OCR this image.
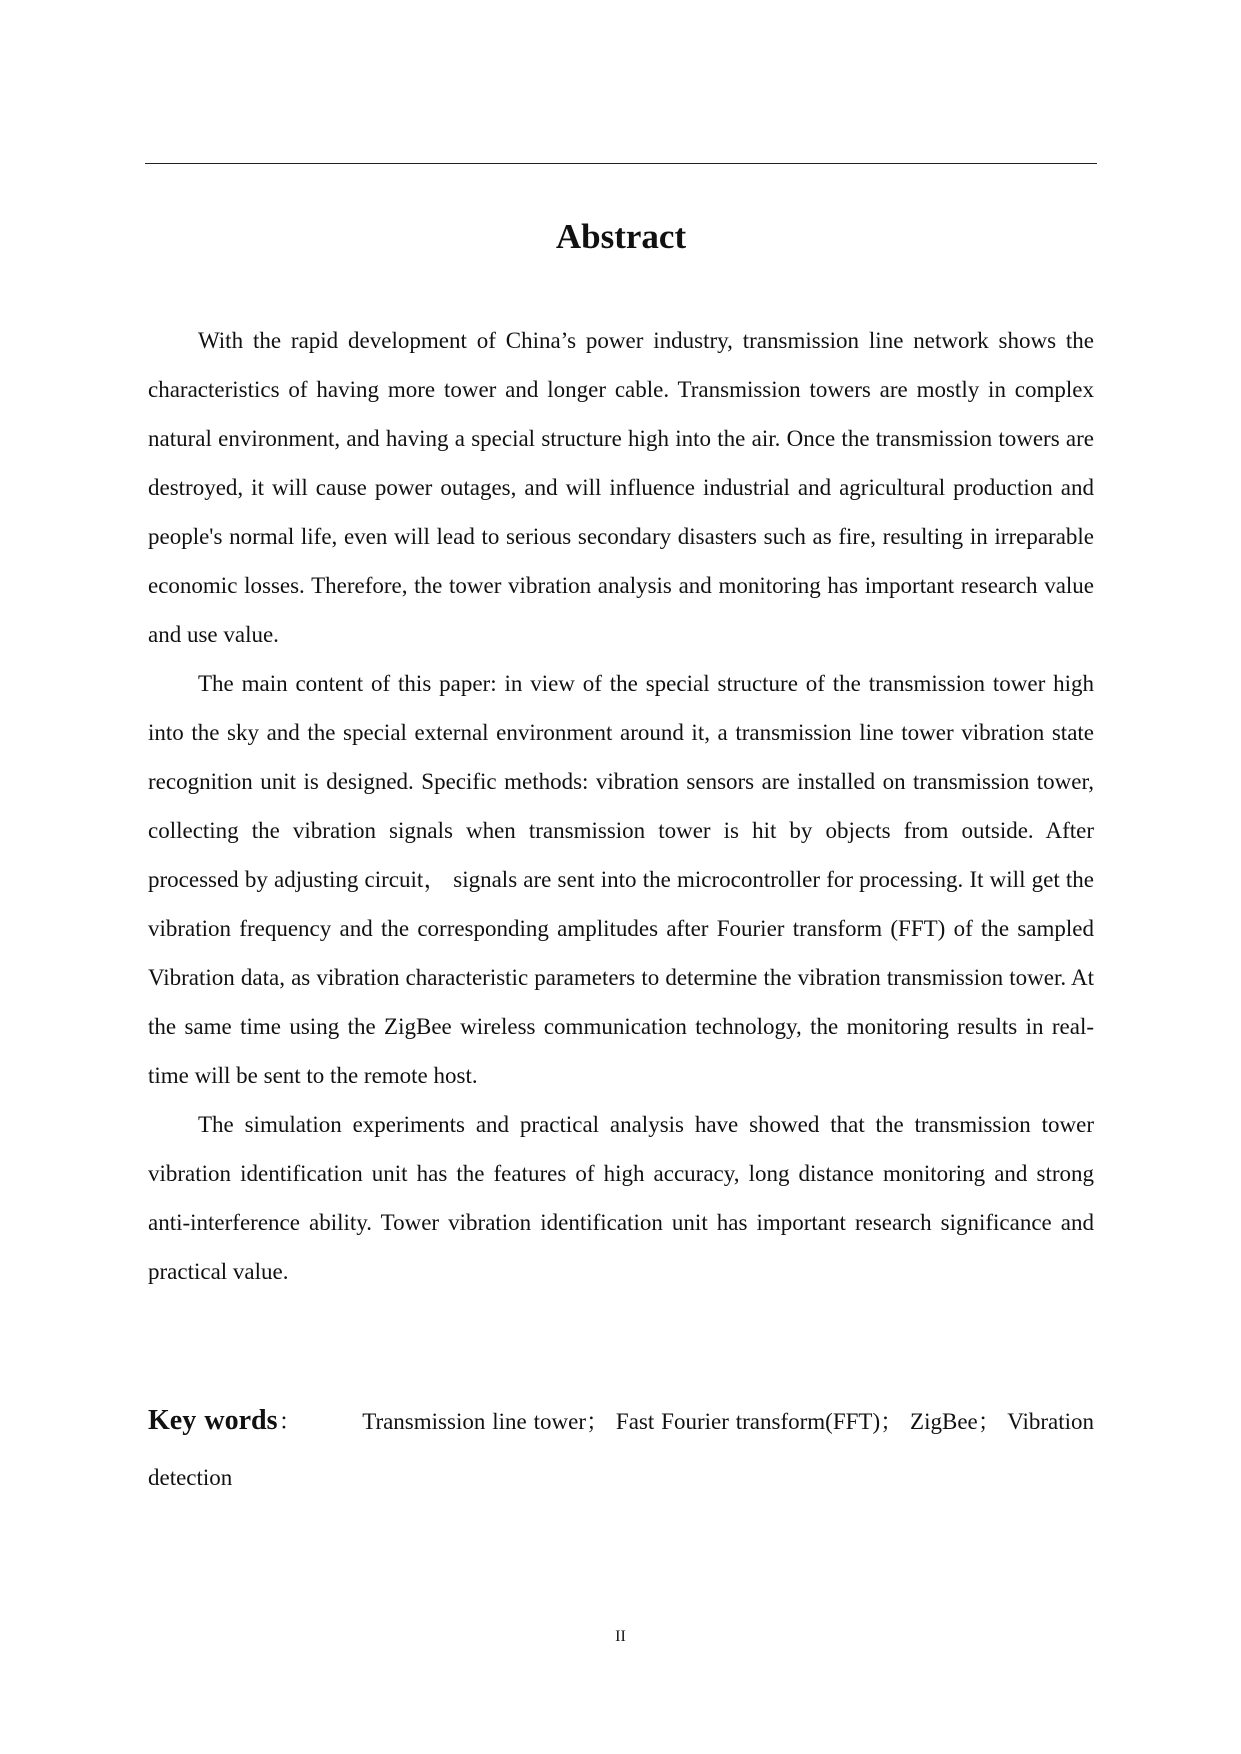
Abstract

With the rapid development of China’s power industry, transmission line network shows the characteristics of having more tower and longer cable. Transmission towers are mostly in complex natural environment, and having a special structure high into the air. Once the transmission towers are destroyed, it will cause power outages, and will influence industrial and agricultural production and people's normal life, even will lead to serious secondary disasters such as fire, resulting in irreparable economic losses. Therefore, the tower vibration analysis and monitoring has important research value and use value.

The main content of this paper: in view of the special structure of the transmission tower high into the sky and the special external environment around it, a transmission line tower vibration state recognition unit is designed. Specific methods: vibration sensors are installed on transmission tower, collecting the vibration signals when transmission tower is hit by objects from outside. After processed by adjusting circuit， signals are sent into the microcontroller for processing. It will get the vibration frequency and the corresponding amplitudes after Fourier transform (FFT) of the sampled Vibration data, as vibration characteristic parameters to determine the vibration transmission tower. At the same time using the ZigBee wireless communication technology, the monitoring results in real-time will be sent to the remote host.

The simulation experiments and practical analysis have showed that the transmission tower vibration identification unit has the features of high accuracy, long distance monitoring and strong anti-interference ability. Tower vibration identification unit has important research significance and practical value.

Key words：	Transmission line tower； Fast Fourier transform(FFT)； ZigBee； Vibration detection
II
